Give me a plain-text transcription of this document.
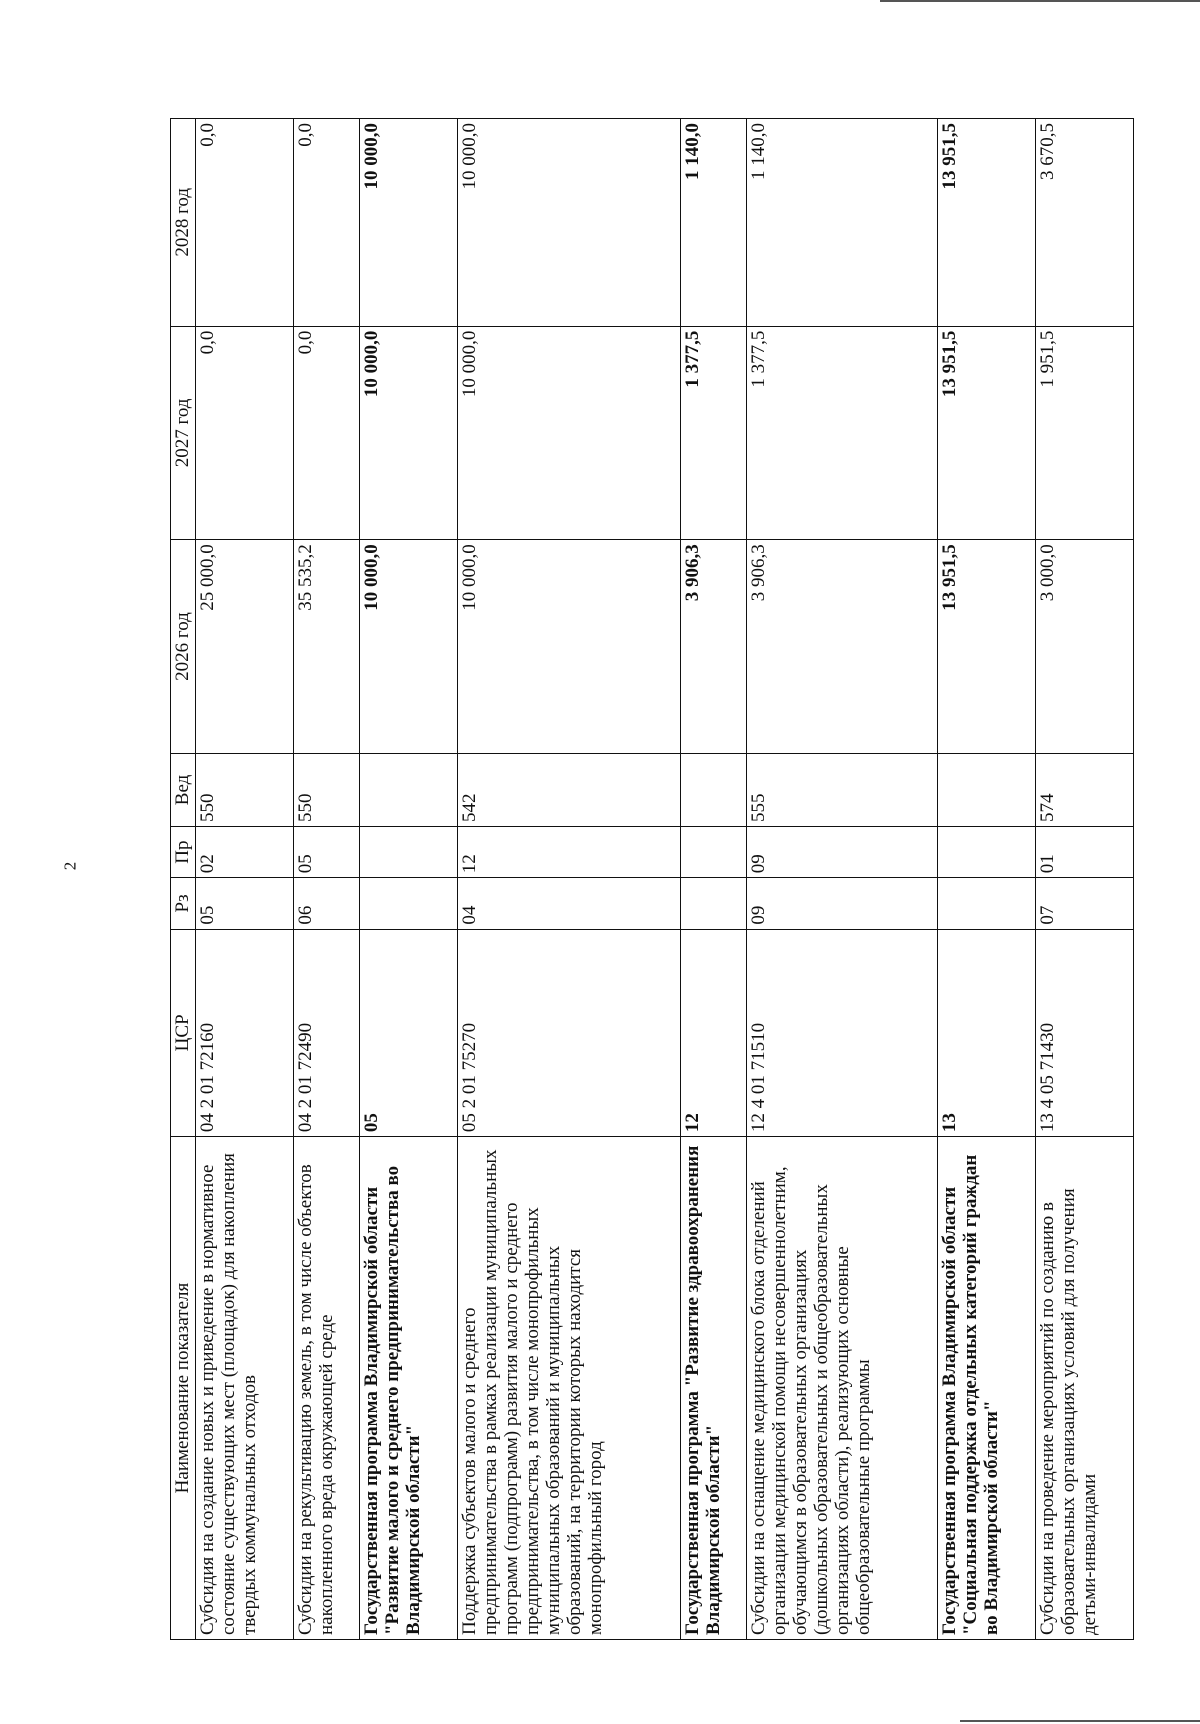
2
Наименование показателя	ЦСР	Рз	Пр	Вед	2026 год	2027 год	2028 год
Субсидия на создание новых и приведение в нормативное состояние существующих мест (площадок) для накопления твердых коммунальных отходов	04 2 01 72160	05	02	550	25 000,0	0,0	0,0
Субсидии на рекультивацию земель, в том числе объектов накопленного вреда окружающей среде	04 2 01 72490	06	05	550	35 535,2	0,0	0,0
Государственная программа Владимирской области "Развитие малого и среднего предпринимательства во Владимирской области"	05				10 000,0	10 000,0	10 000,0
Поддержка субъектов малого и среднего предпринимательства в рамках реализации муниципальных программ (подпрограмм) развития малого и среднего предпринимательства, в том числе монопрофильных муниципальных образований и муниципальных образований, на территории которых находится монопрофильный город	05 2 01 75270	04	12	542	10 000,0	10 000,0	10 000,0
Государственная программа "Развитие здравоохранения Владимирской области"	12				3 906,3	1 377,5	1 140,0
Субсидии на оснащение медицинского блока отделений организации медицинской помощи несовершеннолетним, обучающимся в образовательных организациях (дошкольных образовательных и общеобразовательных организациях области), реализующих основные общеобразовательные программы	12 4 01 71510	09	09	555	3 906,3	1 377,5	1 140,0
Государственная программа Владимирской области "Социальная поддержка отдельных категорий граждан во Владимирской области"	13				13 951,5	13 951,5	13 951,5
Субсидии на проведение мероприятий по созданию в образовательных организациях условий для получения детьми-инвалидами	13 4 05 71430	07	01	574	3 000,0	1 951,5	3 670,5
